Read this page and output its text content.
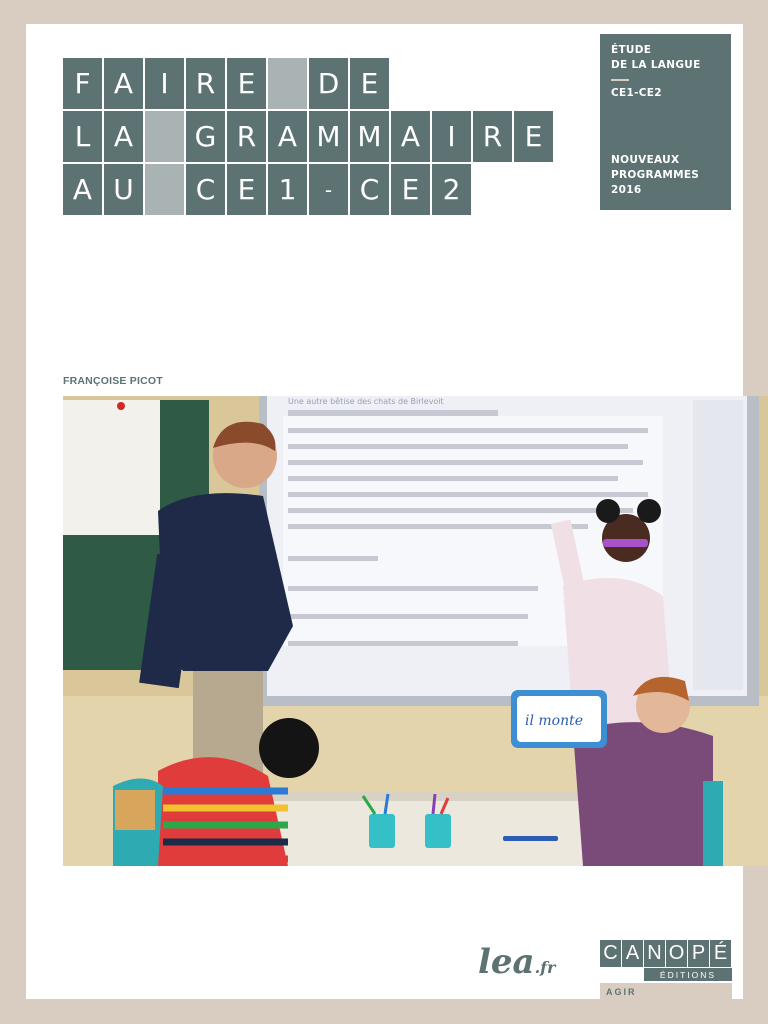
F A I R E	D E
L A	G R A M M A I R E
A U	C E 1	- C E 2
ÉTUDE
DE LA LANGUE
CE1-CE2
NOUVEAUX
PROGRAMMES
2016
FRANÇOISE PICOT
Une autre bêtise des chats de Birlevoit
il monte
lea.fr
C A N O P É
ÉDITIONS
AGIR
